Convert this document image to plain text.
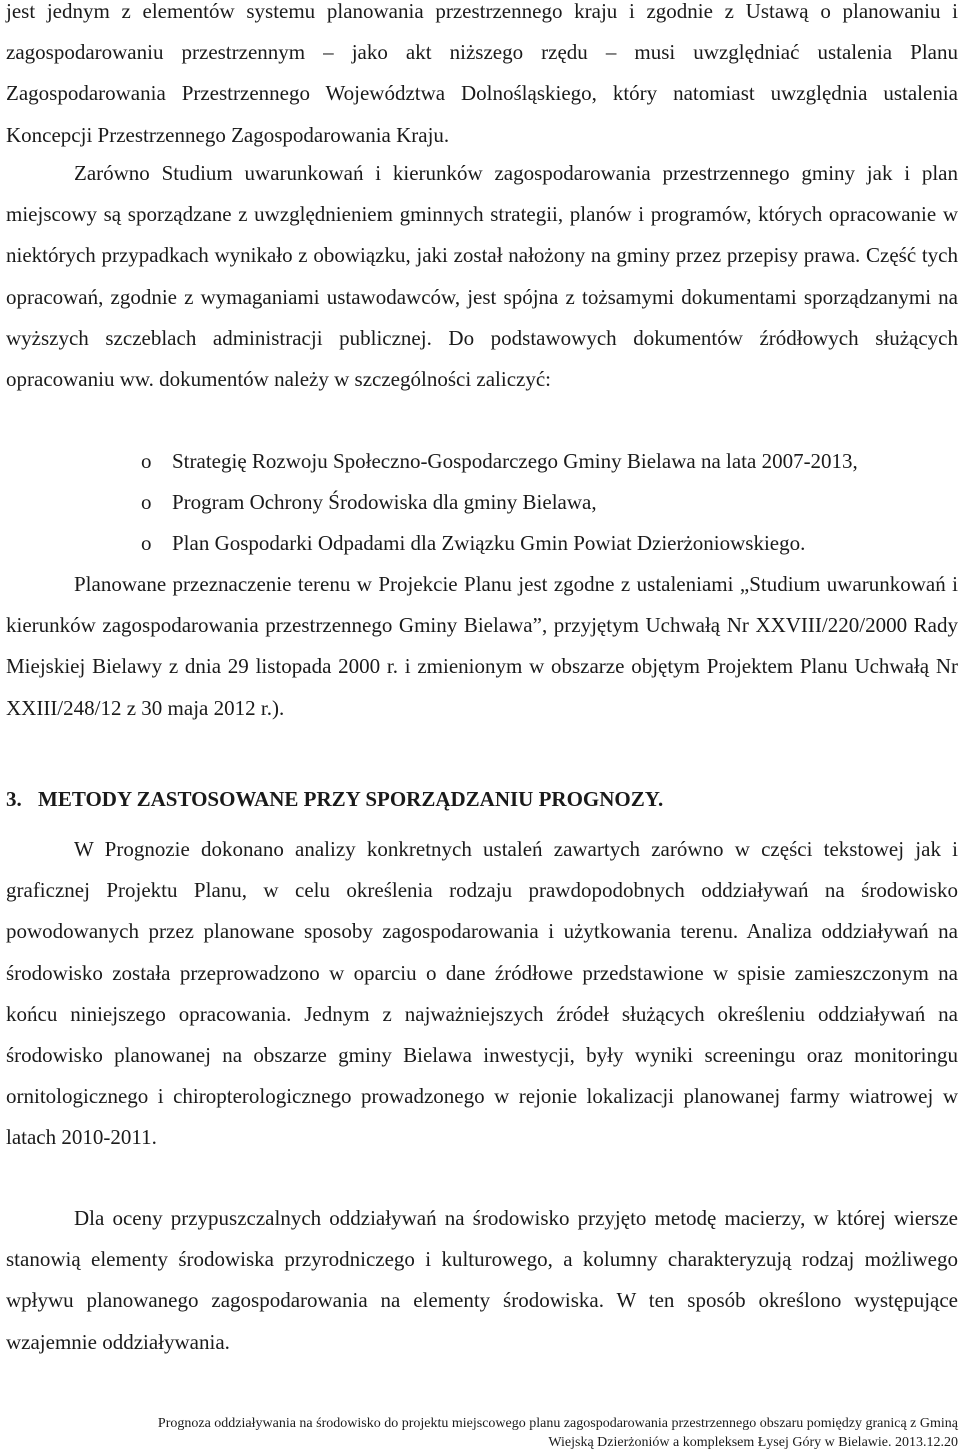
jest jednym z elementów systemu planowania przestrzennego kraju i zgodnie z Ustawą o planowaniu i zagospodarowaniu przestrzennym – jako akt niższego rzędu – musi uwzględniać ustalenia Planu Zagospodarowania Przestrzennego Województwa Dolnośląskiego, który natomiast uwzględnia ustalenia Koncepcji Przestrzennego Zagospodarowania Kraju.

Zarówno Studium uwarunkowań i kierunków zagospodarowania przestrzennego gminy jak i plan miejscowy są sporządzane z uwzględnieniem gminnych strategii, planów i programów, których opracowanie w niektórych przypadkach wynikało z obowiązku, jaki został nałożony na gminy przez przepisy prawa. Część tych opracowań, zgodnie z wymaganiami ustawodawców, jest spójna z tożsamymi dokumentami sporządzanymi na wyższych szczeblach administracji publicznej. Do podstawowych dokumentów źródłowych służących opracowaniu ww. dokumentów należy w szczególności zaliczyć:

o Strategię Rozwoju Społeczno-Gospodarczego Gminy Bielawa na lata 2007-2013,
o Program Ochrony Środowiska dla gminy Bielawa,
o Plan Gospodarki Odpadami dla Związku Gmin Powiat Dzierżoniowskiego.

Planowane przeznaczenie terenu w Projekcie Planu jest zgodne z ustaleniami „Studium uwarunkowań i kierunków zagospodarowania przestrzennego Gminy Bielawa”, przyjętym Uchwałą Nr XXVIII/220/2000 Rady Miejskiej Bielawy z dnia 29 listopada 2000 r. i zmienionym w obszarze objętym Projektem Planu Uchwałą Nr XXIII/248/12 z 30 maja 2012 r.).

3. METODY ZASTOSOWANE PRZY SPORZĄDZANIU PROGNOZY.

W Prognozie dokonano analizy konkretnych ustaleń zawartych zarówno w części tekstowej jak i graficznej Projektu Planu, w celu określenia rodzaju prawdopodobnych oddziaływań na środowisko powodowanych przez planowane sposoby zagospodarowania i użytkowania terenu. Analiza oddziaływań na środowisko została przeprowadzono w oparciu o dane źródłowe przedstawione w spisie zamieszczonym na końcu niniejszego opracowania. Jednym z najważniejszych źródeł służących określeniu oddziaływań na środowisko planowanej na obszarze gminy Bielawa inwestycji, były wyniki screeningu oraz monitoringu ornitologicznego i chiropterologicznego prowadzonego w rejonie lokalizacji planowanej farmy wiatrowej w latach 2010-2011.

Dla oceny przypuszczalnych oddziaływań na środowisko przyjęto metodę macierzy, w której wiersze stanowią elementy środowiska przyrodniczego i kulturowego, a kolumny charakteryzują rodzaj możliwego wpływu planowanego zagospodarowania na elementy środowiska. W ten sposób określono występujące wzajemnie oddziaływania.

Prognoza oddziaływania na środowisko do projektu miejscowego planu zagospodarowania przestrzennego obszaru pomiędzy granicą z Gminą
Wiejską Dzierżoniów a kompleksem Łysej Góry w Bielawie. 2013.12.20
